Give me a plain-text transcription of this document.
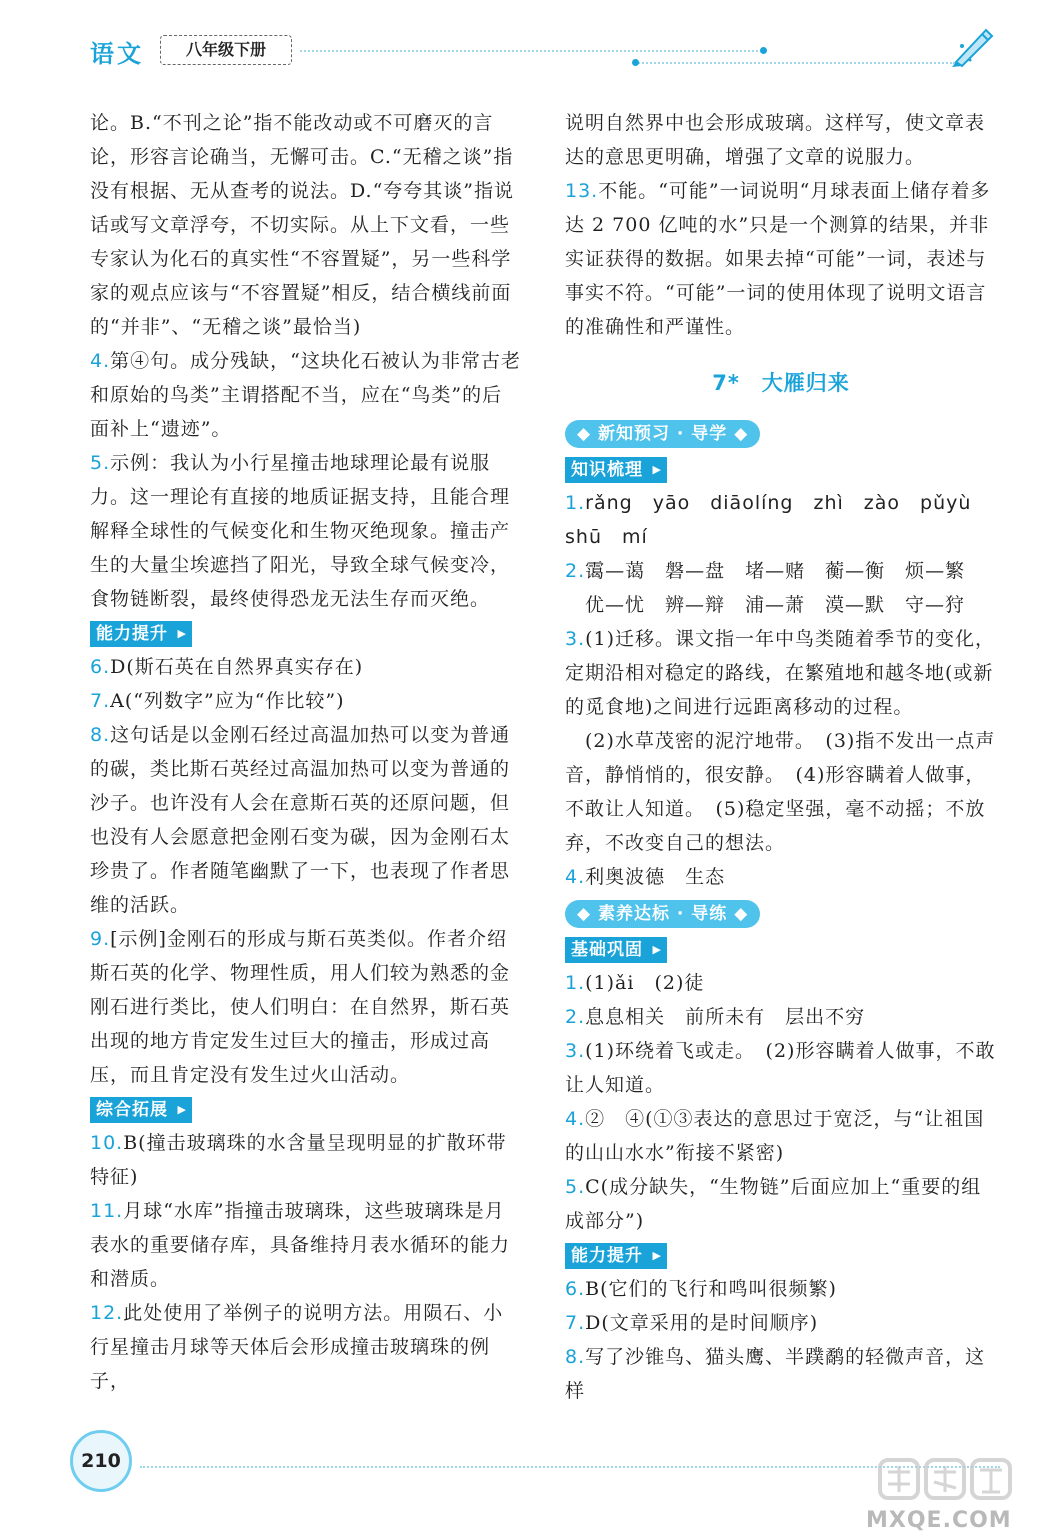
语文	八年级下册

论。B.“不刊之论”指不能改动或不可磨灭的言论，形容言论确当，无懈可击。C.“无稽之谈”指没有根据、无从查考的说法。D.“夸夸其谈”指说话或写文章浮夸，不切实际。从上下文看，一些专家认为化石的真实性“不容置疑”，另一些科学家的观点应该与“不容置疑”相反，结合横线前面的“并非”、“无稽之谈”最恰当)

4.第④句。成分残缺，“这块化石被认为非常古老和原始的鸟类”主谓搭配不当，应在“鸟类”的后面补上“遗迹”。

5.示例：我认为小行星撞击地球理论最有说服力。这一理论有直接的地质证据支持，且能合理解释全球性的气候变化和生物灭绝现象。撞击产生的大量尘埃遮挡了阳光，导致全球气候变冷，食物链断裂，最终使得恐龙无法生存而灭绝。

能力提升 ▶

6.D(斯石英在自然界真实存在)

7.A(“列数字”应为“作比较”)

8.这句话是以金刚石经过高温加热可以变为普通的碳，类比斯石英经过高温加热可以变为普通的沙子。也许没有人会在意斯石英的还原问题，但也没有人会愿意把金刚石变为碳，因为金刚石太珍贵了。作者随笔幽默了一下，也表现了作者思维的活跃。

9.[示例]金刚石的形成与斯石英类似。作者介绍斯石英的化学、物理性质，用人们较为熟悉的金刚石进行类比，使人们明白：在自然界，斯石英出现的地方肯定发生过巨大的撞击，形成过高压，而且肯定没有发生过火山活动。

综合拓展 ▶

10.B(撞击玻璃珠的水含量呈现明显的扩散环带特征)

11.月球“水库”指撞击玻璃珠，这些玻璃珠是月表水的重要储存库，具备维持月表水循环的能力和潜质。

12.此处使用了举例子的说明方法。用陨石、小行星撞击月球等天体后会形成撞击玻璃珠的例子，

说明自然界中也会形成玻璃。这样写，使文章表达的意思更明确，增强了文章的说服力。

13.不能。“可能”一词说明“月球表面上储存着多达 2 700 亿吨的水”只是一个测算的结果，并非实证获得的数据。如果去掉“可能”一词，表述与事实不符。“可能”一词的使用体现了说明文语言的准确性和严谨性。

7* 大雁归来
◆ 新知预习 · 导学 ◆
知识梳理 ▶

1.rǎng　yāo　diāolíng　zhì　zào　pǔyù

shū　mí

2.霭—蔼　磐—盘　堵—赌　蘅—衡　烦—繁

优—忧　辨—辩　浦—萧　漠—默　守—狩

3.(1)迁移。课文指一年中鸟类随着季节的变化，定期沿相对稳定的路线，在繁殖地和越冬地(或新的觅食地)之间进行远距离移动的过程。

(2)水草茂密的泥泞地带。　(3)指不发出一点声音，静悄悄的，很安静。　(4)形容瞒着人做事，不敢让人知道。　(5)稳定坚强，毫不动摇；不放弃，不改变自己的想法。

4.利奥波德　生态

◆ 素养达标 · 导练 ◆
基础巩固 ▶

1.(1)ǎi　(2)徒

2.息息相关　前所未有　层出不穷

3.(1)环绕着飞或走。　(2)形容瞒着人做事，不敢让人知道。

4.②　④(①③表达的意思过于宽泛，与“让祖国的山山水水”衔接不紧密)

5.C(成分缺失，“生物链”后面应加上“重要的组成部分”)

能力提升 ▶

6.B(它们的飞行和鸣叫很频繁)

7.D(文章采用的是时间顺序)

8.写了沙锥鸟、猫头鹰、半蹼鹬的轻微声音，这样

210
MXQE.COM
